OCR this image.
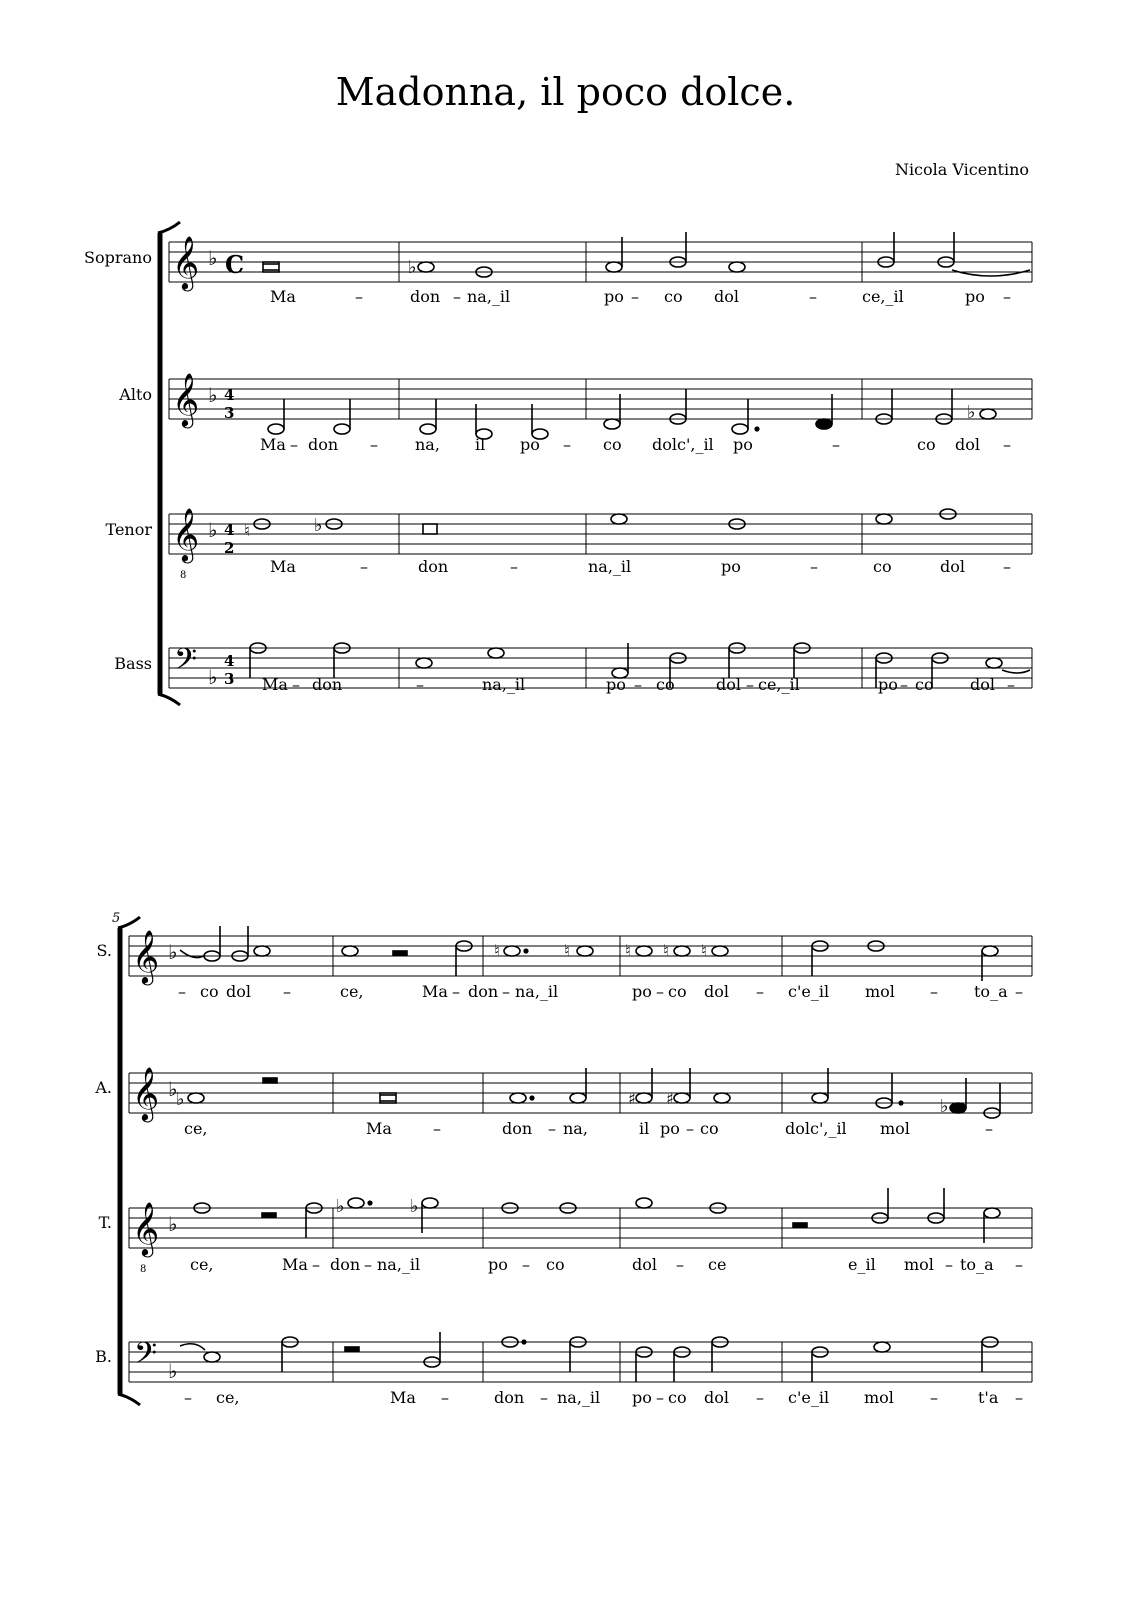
Madonna, il poco dolce.
Nicola Vicentino
Soprano 𝄞 ♭ C	♭
Ma	–	don – na,_il	po – co dol	–	ce,_il	po –
Alto 𝄞 ♭ 4
3	♭
Ma – don – na, il po – co dolc',_il po	–	co dol –
Tenor 𝄞
8
♭ 4
2
♮	♭
Ma	–	don	–	na,_il	po	–	co	dol –
Bass 𝄢 ♭
4
3 Ma – don	–	na,_il	po – co	dol – ce,_il	po – co dol –
5
S. 𝄞 ♭	♮	♮	♮ ♮ ♮
– co dol –	ce,	Ma – don – na,_il	po – co dol – c'e_il mol – to_a –
A. 𝄞 ♭
♭	♯ ♯	♭
ce,	Ma	–	don – na,	il po – co	dolc',_il mol	–
T. 𝄞
8
♭
♭	♭
ce,	Ma – don – na,_il	po – co	dol – ce	e_il mol – to_a –
B. 𝄢 ♭
– ce,	Ma –	don – na,_il po – co dol – c'e_il mol –	t'a –
